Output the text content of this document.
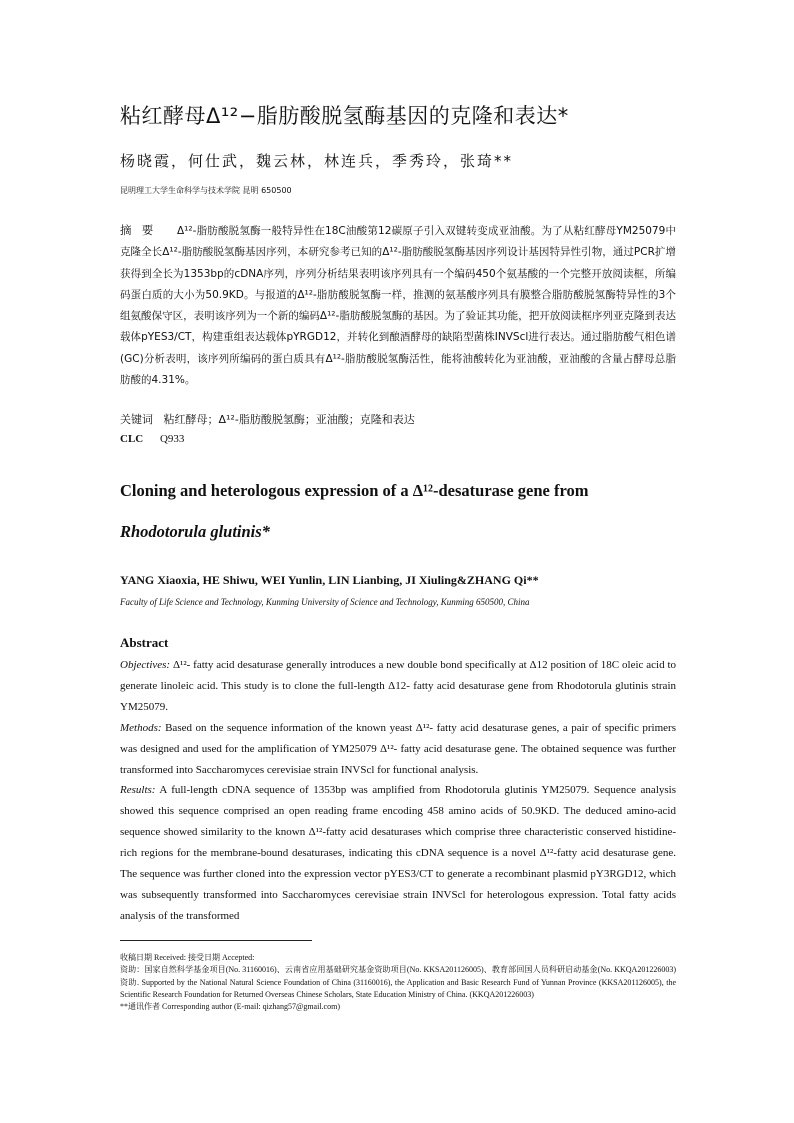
粘红酵母Δ¹²−脂肪酸脱氢酶基因的克隆和表达*
杨晓霞，何仕武，魏云林，林连兵，季秀玲，张琦**
昆明理工大学生命科学与技术学院 昆明 650500
摘要 Δ¹²-脂肪酸脱氢酶一般特异性在18C油酸第12碳原子引入双键转变成亚油酸。为了从粘红酵母YM25079中克隆全长Δ¹²-脂肪酸脱氢酶基因序列，本研究参考已知的Δ¹²-脂肪酸脱氢酶基因序列设计基因特异性引物，通过PCR扩增获得到全长为1353bp的cDNA序列，序列分析结果表明该序列具有一个编码450个氨基酸的一个完整开放阅读框，所编码蛋白质的大小为50.9KD。与报道的Δ¹²-脂肪酸脱氢酶一样，推测的氨基酸序列具有膜整合脂肪酸脱氢酶特异性的3个组氨酸保守区，表明该序列为一个新的编码Δ¹²-脂肪酸脱氢酶的基因。为了验证其功能，把开放阅读框序列亚克隆到表达载体pYES3/CT，构建重组表达载体pYRGD12，并转化到酿酒酵母的缺陷型菌株INVScl进行表达。通过脂肪酸气相色谱(GC)分析表明，该序列所编码的蛋白质具有Δ¹²-脂肪酸脱氢酶活性，能将油酸转化为亚油酸，亚油酸的含量占酵母总脂肪酸的4.31%。
关键词 粘红酵母；Δ¹²-脂肪酸脱氢酶；亚油酸；克隆和表达
CLC Q933
Cloning and heterologous expression of a Δ¹²-desaturase gene from
Rhodotorula glutinis*
YANG Xiaoxia, HE Shiwu, WEI Yunlin, LIN Lianbing, JI Xiuling&ZHANG Qi**
Faculty of Life Science and Technology, Kunming University of Science and Technology, Kunming 650500, China
Abstract

Objectives: Δ¹²- fatty acid desaturase generally introduces a new double bond specifically at Δ12 position of 18C oleic acid to generate linoleic acid. This study is to clone the full-length Δ12- fatty acid desaturase gene from Rhodotorula glutinis strain YM25079.

Methods: Based on the sequence information of the known yeast Δ¹²- fatty acid desaturase genes, a pair of specific primers was designed and used for the amplification of YM25079 Δ¹²- fatty acid desaturase gene. The obtained sequence was further transformed into Saccharomyces cerevisiae strain INVScl for functional analysis.

Results: A full-length cDNA sequence of 1353bp was amplified from Rhodotorula glutinis YM25079. Sequence analysis showed this sequence comprised an open reading frame encoding 458 amino acids of 50.9KD. The deduced amino-acid sequence showed similarity to the known Δ¹²-fatty acid desaturases which comprise three characteristic conserved histidine-rich regions for the membrane-bound desaturases, indicating this cDNA sequence is a novel Δ¹²-fatty acid desaturase gene. The sequence was further cloned into the expression vector pYES3/CT to generate a recombinant plasmid pY3RGD12, which was subsequently transformed into Saccharomyces cerevisiae strain INVScl for heterologous expression. Total fatty acids analysis of the transformed

收稿日期 Received: 接受日期 Accepted:

资助：国家自然科学基金项目(No. 31160016)、云南省应用基础研究基金资助项目(No. KKSA201126005)、教育部回国人员科研启动基金(No. KKQA201226003)资助. Supported by the National Natural Science Foundation of China (31160016), the Application and Basic Research Fund of Yunnan Province (KKSA201126005), the Scientific Research Foundation for Returned Overseas Chinese Scholars, State Education Ministry of China. (KKQA201226003)

**通讯作者 Corresponding author (E-mail: qizhang57@gmail.com)
